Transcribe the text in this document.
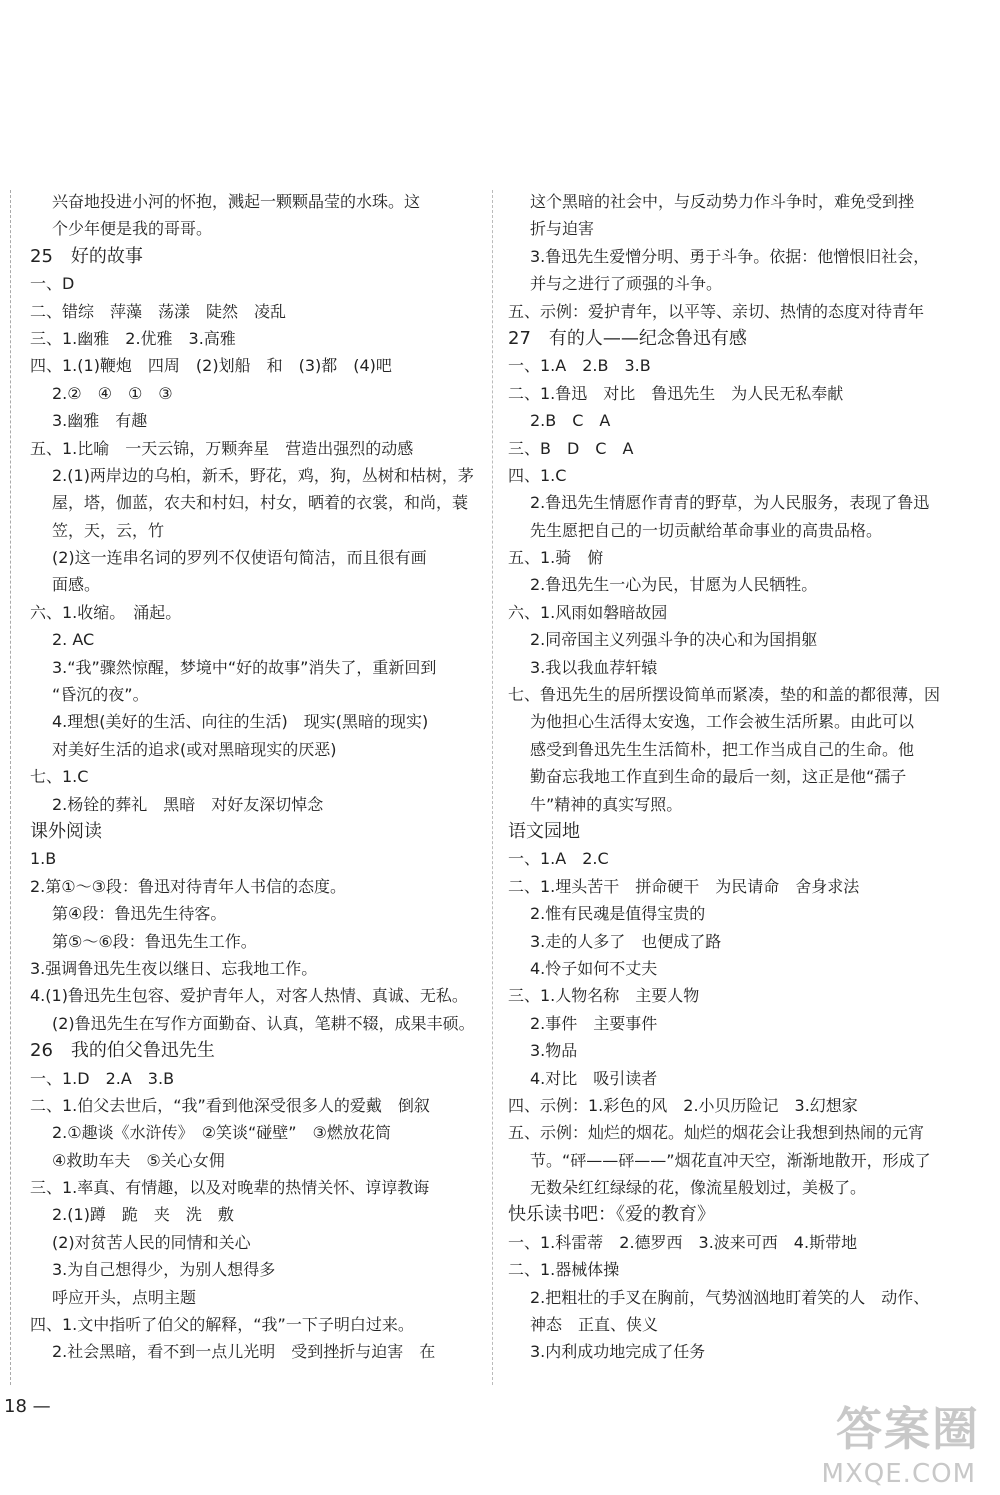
兴奋地投进小河的怀抱，溅起一颗颗晶莹的水珠。这
个少年便是我的哥哥。
25　好的故事
一、D
二、错综　萍藻　荡漾　陡然　凌乱
三、1.幽雅　2.优雅　3.高雅
四、1.(1)鞭炮　四周　(2)划船　和　(3)都　(4)吧
2.②　④　①　③
3.幽雅　有趣
五、1.比喻　一天云锦，万颗奔星　营造出强烈的动感
2.(1)两岸边的乌桕，新禾，野花，鸡，狗，丛树和枯树，茅
屋，塔，伽蓝，农夫和村妇，村女，晒着的衣裳，和尚，蓑
笠，天，云，竹
(2)这一连串名词的罗列不仅使语句简洁，而且很有画
面感。
六、1.收缩。　涌起。
2. AC
3.“我”骤然惊醒，梦境中“好的故事”消失了，重新回到
“昏沉的夜”。
4.理想(美好的生活、向往的生活)　现实(黑暗的现实)
对美好生活的追求(或对黑暗现实的厌恶)
七、1.C
2.杨铨的葬礼　黑暗　对好友深切悼念
课外阅读
1.B
2.第①～③段：鲁迅对待青年人书信的态度。
第④段：鲁迅先生待客。
第⑤～⑥段：鲁迅先生工作。
3.强调鲁迅先生夜以继日、忘我地工作。
4.(1)鲁迅先生包容、爱护青年人，对客人热情、真诚、无私。
(2)鲁迅先生在写作方面勤奋、认真，笔耕不辍，成果丰硕。
26　我的伯父鲁迅先生
一、1.D　2.A　3.B
二、1.伯父去世后，“我”看到他深受很多人的爱戴　倒叙
2.①趣谈《水浒传》　②笑谈“碰壁”　③燃放花筒
④救助车夫　⑤关心女佣
三、1.率真、有情趣，以及对晚辈的热情关怀、谆谆教诲
2.(1)蹲　跪　夹　洗　敷
(2)对贫苦人民的同情和关心
3.为自己想得少，为别人想得多
呼应开头，点明主题
四、1.文中指听了伯父的解释，“我”一下子明白过来。
2.社会黑暗，看不到一点儿光明　受到挫折与迫害　在
这个黑暗的社会中，与反动势力作斗争时，难免受到挫
折与迫害
3.鲁迅先生爱憎分明、勇于斗争。依据：他憎恨旧社会，
并与之进行了顽强的斗争。
五、示例：爱护青年，以平等、亲切、热情的态度对待青年
27　有的人——纪念鲁迅有感
一、1.A　2.B　3.B
二、1.鲁迅　对比　鲁迅先生　为人民无私奉献
2.B　C　A
三、B　D　C　A
四、1.C
2.鲁迅先生情愿作青青的野草，为人民服务，表现了鲁迅
先生愿把自己的一切贡献给革命事业的高贵品格。
五、1.骑　俯
2.鲁迅先生一心为民，甘愿为人民牺牲。
六、1.风雨如磐暗故园
2.同帝国主义列强斗争的决心和为国捐躯
3.我以我血荐轩辕
七、鲁迅先生的居所摆设简单而紧凑，垫的和盖的都很薄，因
为他担心生活得太安逸，工作会被生活所累。由此可以
感受到鲁迅先生生活简朴，把工作当成自己的生命。他
勤奋忘我地工作直到生命的最后一刻，这正是他“孺子
牛”精神的真实写照。
语文园地
一、1.A　2.C
二、1.埋头苦干　拼命硬干　为民请命　舍身求法
2.惟有民魂是值得宝贵的
3.走的人多了　也便成了路
4.怜子如何不丈夫
三、1.人物名称　主要人物
2.事件　主要事件
3.物品
4.对比　吸引读者
四、示例：1.彩色的风　2.小贝历险记　3.幻想家
五、示例：灿烂的烟花。灿烂的烟花会让我想到热闹的元宵
节。“砰——砰——”烟花直冲天空，渐渐地散开，形成了
无数朵红红绿绿的花，像流星般划过，美极了。
快乐读书吧：《爱的教育》
一、1.科雷蒂　2.德罗西　3.波来可西　4.斯带地
二、1.器械体操
2.把粗壮的手叉在胸前，气势汹汹地盯着笑的人　动作、
神态　正直、侠义
3.内利成功地完成了任务
18 —	答案圈
MXQE.COM
